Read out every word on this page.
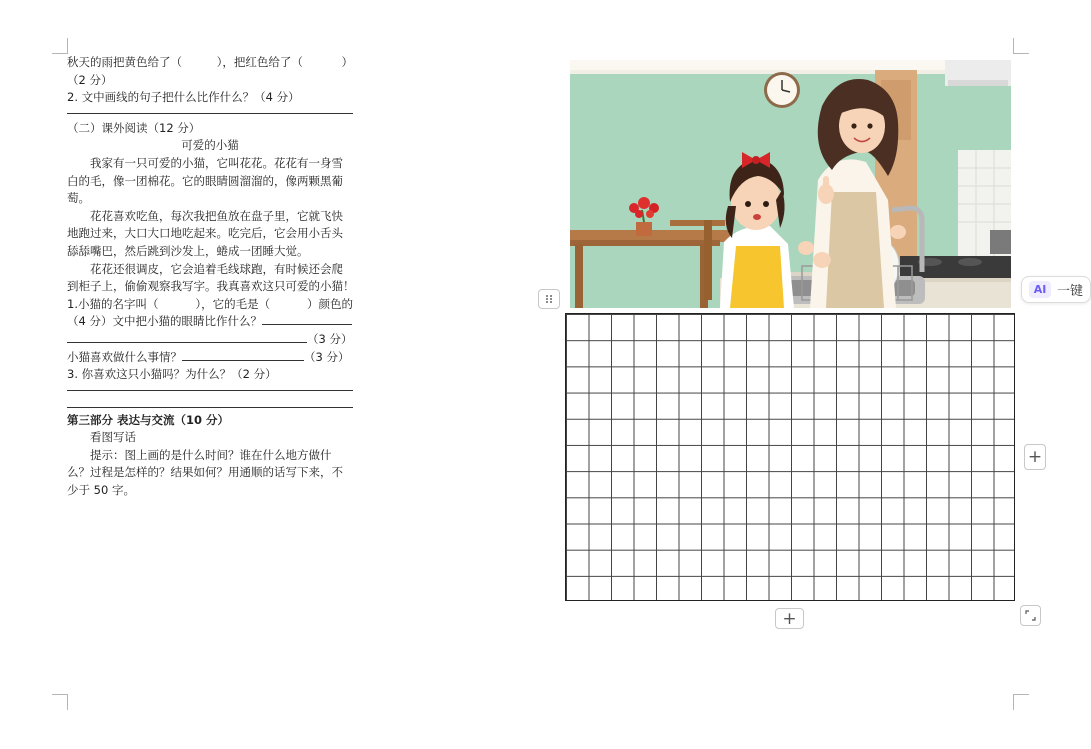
秋天的雨把黄色给了（	），把红色给了（	）
（2 分）
2. 文中画线的句子把什么比作什么？（4 分）
（二）课外阅读（12 分）
可爱的小猫
我家有一只可爱的小猫，它叫花花。花花有一身雪
白的毛，像一团棉花。它的眼睛圆溜溜的，像两颗黑葡
萄。
花花喜欢吃鱼，每次我把鱼放在盘子里，它就飞快
地跑过来，大口大口地吃起来。吃完后，它会用小舌头
舔舔嘴巴，然后跳到沙发上，蜷成一团睡大觉。
花花还很调皮，它会追着毛线球跑，有时候还会爬
到柜子上，偷偷观察我写字。我真喜欢这只可爱的小猫！
1.小猫的名字叫（	），它的毛是（	）颜色的
（4 分）文中把小猫的眼睛比作什么？
（3 分）
小猫喜欢做什么事情？	（3 分）
3. 你喜欢这只小猫吗？为什么？（2 分）
第三部分 表达与交流（10 分）
看图写话
提示：图上画的是什么时间？谁在什么地方做什
么？过程是怎样的？结果如何？用通顺的话写下来，不
少于 50 字。
AI 一键
+
+
